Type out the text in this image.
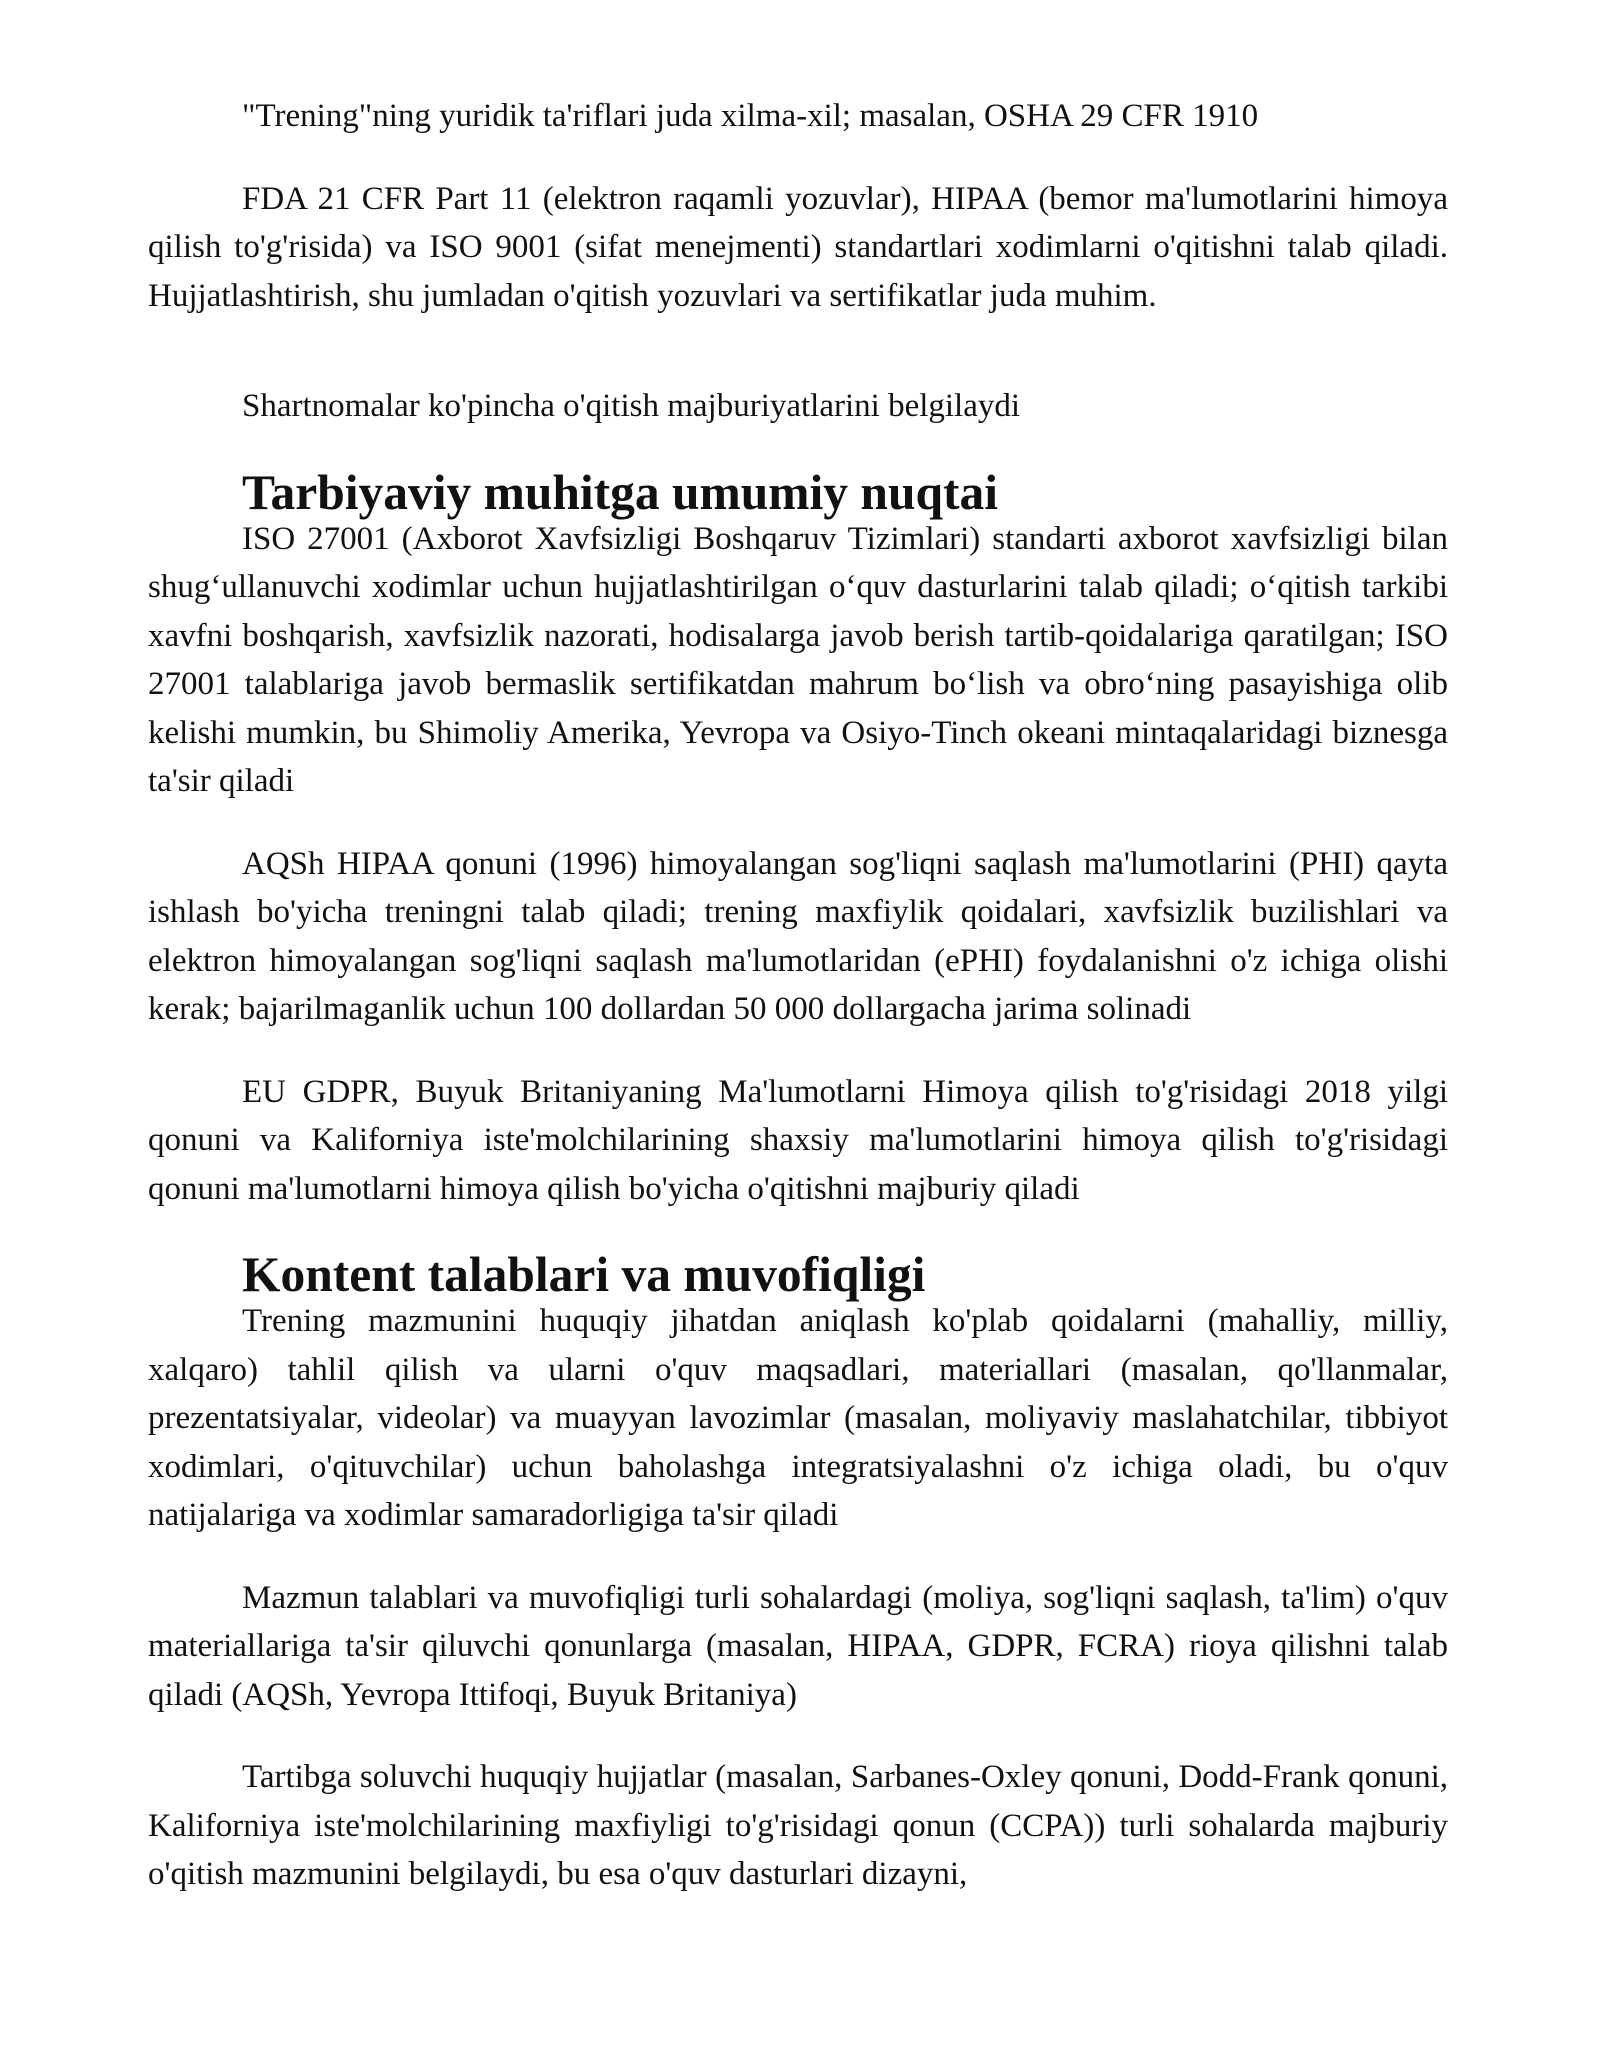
"Trening"ning yuridik ta'riflari juda xilma-xil; masalan, OSHA 29 CFR 1910

FDA 21 CFR Part 11 (elektron raqamli yozuvlar), HIPAA (bemor ma'lumotlarini himoya qilish to'g'risida) va ISO 9001 (sifat menejmenti) standartlari xodimlarni o'qitishni talab qiladi. Hujjatlashtirish, shu jumladan o'qitish yozuvlari va sertifikatlar juda muhim.

Shartnomalar ko'pincha o'qitish majburiyatlarini belgilaydi

Tarbiyaviy muhitga umumiy nuqtai

ISO 27001 (Axborot Xavfsizligi Boshqaruv Tizimlari) standarti axborot xavfsizligi bilan shug‘ullanuvchi xodimlar uchun hujjatlashtirilgan o‘quv dasturlarini talab qiladi; o‘qitish tarkibi xavfni boshqarish, xavfsizlik nazorati, hodisalarga javob berish tartib-qoidalariga qaratilgan; ISO 27001 talablariga javob bermaslik sertifikatdan mahrum bo‘lish va obro‘ning pasayishiga olib kelishi mumkin, bu Shimoliy Amerika, Yevropa va Osiyo-Tinch okeani mintaqalaridagi biznesga ta'sir qiladi

AQSh HIPAA qonuni (1996) himoyalangan sog'liqni saqlash ma'lumotlarini (PHI) qayta ishlash bo'yicha treningni talab qiladi; trening maxfiylik qoidalari, xavfsizlik buzilishlari va elektron himoyalangan sog'liqni saqlash ma'lumotlaridan (ePHI) foydalanishni o'z ichiga olishi kerak; bajarilmaganlik uchun 100 dollardan 50 000 dollargacha jarima solinadi

EU GDPR, Buyuk Britaniyaning Ma'lumotlarni Himoya qilish to'g'risidagi 2018 yilgi qonuni va Kaliforniya iste'molchilarining shaxsiy ma'lumotlarini himoya qilish to'g'risidagi qonuni ma'lumotlarni himoya qilish bo'yicha o'qitishni majburiy qiladi

Kontent talablari va muvofiqligi

Trening mazmunini huquqiy jihatdan aniqlash ko'plab qoidalarni (mahalliy, milliy, xalqaro) tahlil qilish va ularni o'quv maqsadlari, materiallari (masalan, qo'llanmalar, prezentatsiyalar, videolar) va muayyan lavozimlar (masalan, moliyaviy maslahatchilar, tibbiyot xodimlari, o'qituvchilar) uchun baholashga integratsiyalashni o'z ichiga oladi, bu o'quv natijalariga va xodimlar samaradorligiga ta'sir qiladi

Mazmun talablari va muvofiqligi turli sohalardagi (moliya, sog'liqni saqlash, ta'lim) o'quv materiallariga ta'sir qiluvchi qonunlarga (masalan, HIPAA, GDPR, FCRA) rioya qilishni talab qiladi (AQSh, Yevropa Ittifoqi, Buyuk Britaniya)

Tartibga soluvchi huquqiy hujjatlar (masalan, Sarbanes-Oxley qonuni, Dodd-Frank qonuni, Kaliforniya iste'molchilarining maxfiyligi to'g'risidagi qonun (CCPA)) turli sohalarda majburiy o'qitish mazmunini belgilaydi, bu esa o'quv dasturlari dizayni,
